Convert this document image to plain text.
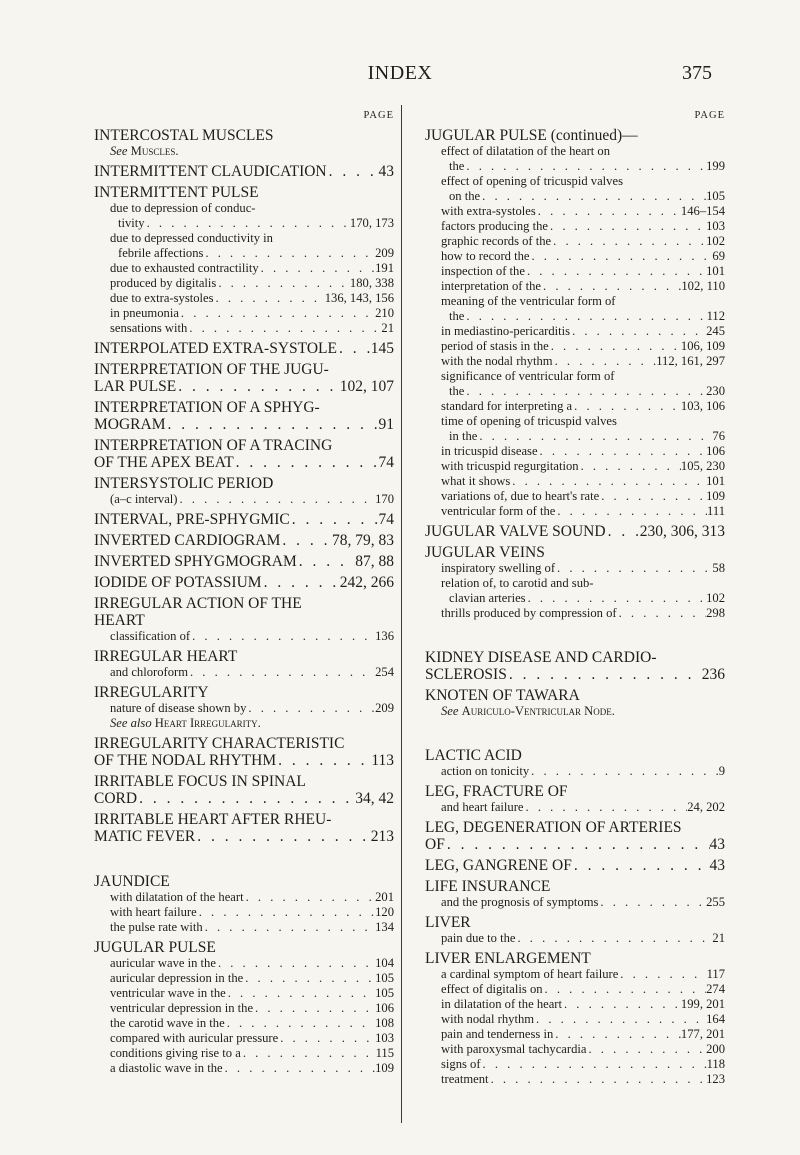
INDEX	375
PAGE
INTERCOSTAL MUSCLES
See Muscles.
INTERMITTENT CLAUDICATION . . .	43
INTERMITTENT PULSE
due to depression of conduc-
tivity . . .	170, 173
due to depressed conductivity in
febrile affections . . .	209
due to exhausted contractility . . .	191
produced by digitalis . . .	180, 338
due to extra-systoles . . .	136, 143, 156
in pneumonia . . .	210
sensations with . . .	21
INTERPOLATED EXTRA-SYSTOLE . . . 145
INTERPRETATION OF THE JUGU-
LAR PULSE . . .	102, 107
INTERPRETATION OF A SPHYG-
MOGRAM . . .	91
INTERPRETATION OF A TRACING
OF THE APEX BEAT . . .	74
INTERSYSTOLIC PERIOD
(a–c interval) . . .	170
INTERVAL, PRE-SPHYGMIC . . .	74
INVERTED CARDIOGRAM . . .	78, 79, 83
INVERTED SPHYGMOGRAM . . .	87, 88
IODIDE OF POTASSIUM . . .	242, 266
IRREGULAR ACTION OF THE
HEART
classification of . . .	136
IRREGULAR HEART
and chloroform . . .	254
IRREGULARITY
nature of disease shown by . . .	209
See also Heart Irregularity.
IRREGULARITY CHARACTERISTIC
OF THE NODAL RHYTHM . . .	113
IRRITABLE FOCUS IN SPINAL
CORD . . .	34, 42
IRRITABLE HEART AFTER RHEU-
MATIC FEVER . . .	213
JAUNDICE
with dilatation of the heart . . .	201
with heart failure . . .	120
the pulse rate with . . .	134
JUGULAR PULSE
auricular wave in the . . .	104
auricular depression in the . . .	105
ventricular wave in the . . .	105
ventricular depression in the . . .	106
the carotid wave in the . . .	108
compared with auricular pressure . . .	103
conditions giving rise to a . . .	115
a diastolic wave in the . . .	109
PAGE
JUGULAR PULSE (continued)—
effect of dilatation of the heart on
the . . .	199
effect of opening of tricuspid valves
on the . . .	105
with extra-systoles . . .	146–154
factors producing the . . .	103
graphic records of the . . .	102
how to record the . . .	69
inspection of the . . .	101
interpretation of the . . .	102, 110
meaning of the ventricular form of
the . . .	112
in mediastino-pericarditis . . .	245
period of stasis in the . . .	106, 109
with the nodal rhythm . . .	112, 161, 297
significance of ventricular form of
the . . .	230
standard for interpreting a . . .	103, 106
time of opening of tricuspid valves
in the . . .	76
in tricuspid disease . . .	106
with tricuspid regurgitation . . .	105, 230
what it shows . . .	101
variations of, due to heart's rate . . .	109
ventricular form of the . . .	111
JUGULAR VALVE SOUND . . . 230, 306, 313
JUGULAR VEINS
inspiratory swelling of . . .	58
relation of, to carotid and sub-
clavian arteries . . .	102
thrills produced by compression of . . .	298
KIDNEY DISEASE AND CARDIO-
SCLEROSIS . . .	236
KNOTEN OF TAWARA
See Auriculo-Ventricular Node.
LACTIC ACID
action on tonicity . . .	9
LEG, FRACTURE OF
and heart failure . . .	24, 202
LEG, DEGENERATION OF ARTERIES
OF . . .	43
LEG, GANGRENE OF . . .	43
LIFE INSURANCE
and the prognosis of symptoms . . .	255
LIVER
pain due to the . . .	21
LIVER ENLARGEMENT
a cardinal symptom of heart failure . . .	117
effect of digitalis on . . .	274
in dilatation of the heart . . .	199, 201
with nodal rhythm . . .	164
pain and tenderness in . . .	177, 201
with paroxysmal tachycardia . . .	200
signs of . . .	118
treatment . . .	123
